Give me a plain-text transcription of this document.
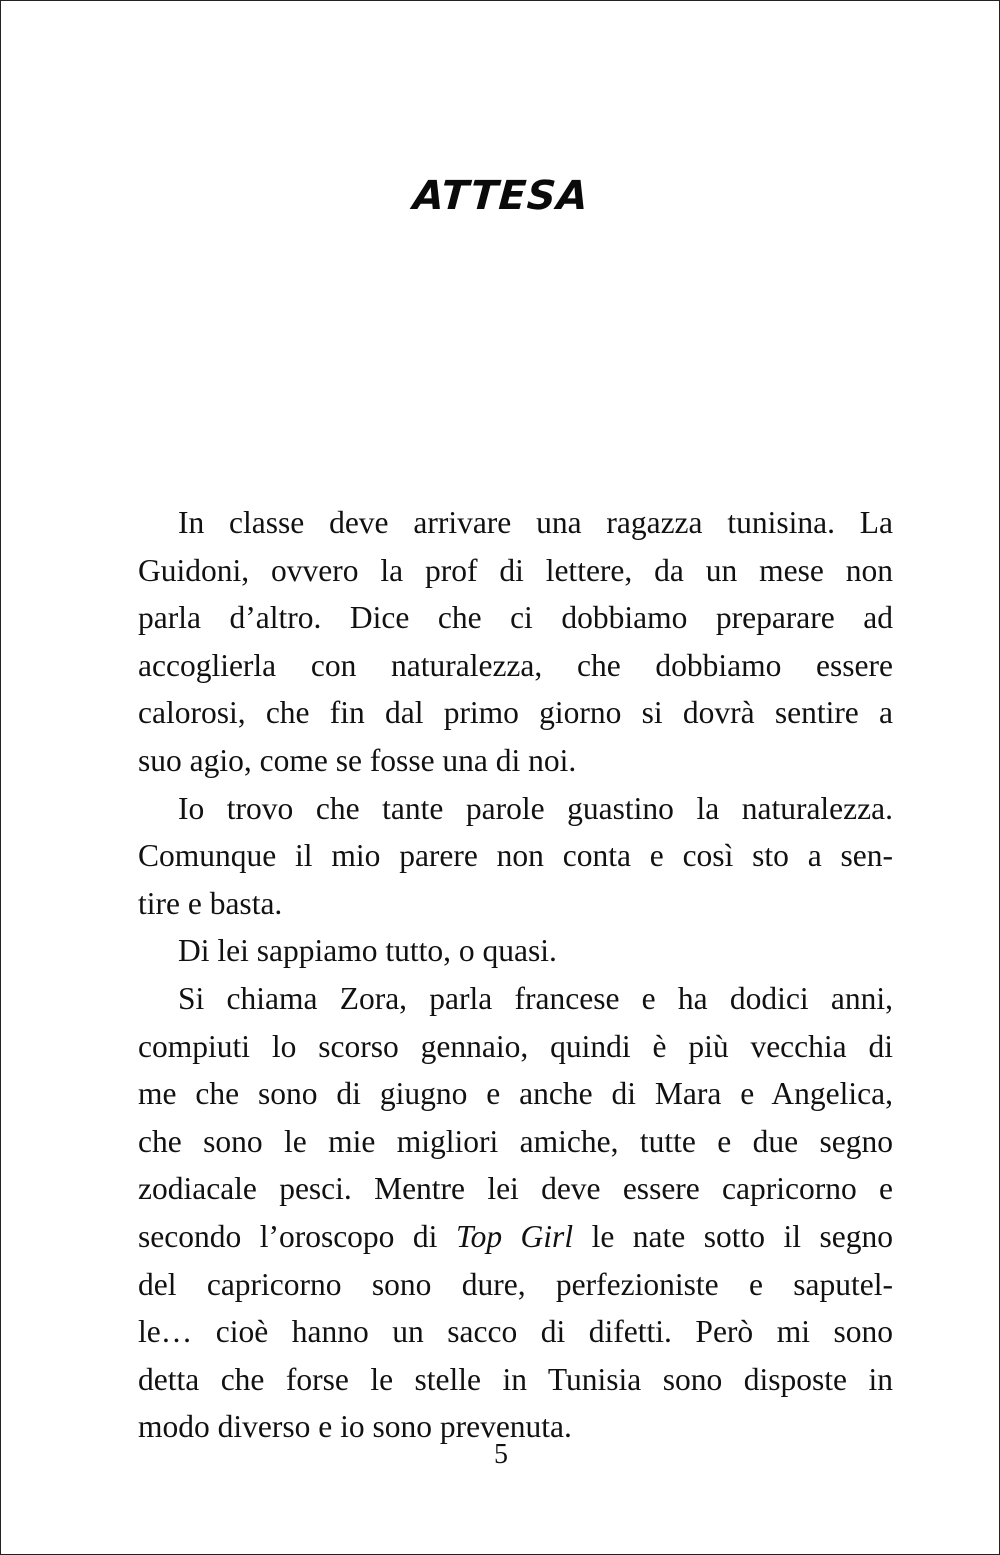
ATTESA
In classe deve arrivare una ragazza tunisina. La
Guidoni, ovvero la prof di lettere, da un mese non
parla d’altro. Dice che ci dobbiamo preparare ad
accoglierla con naturalezza, che dobbiamo essere
calorosi, che fin dal primo giorno si dovrà sentire a
suo agio, come se fosse una di noi.
Io trovo che tante parole guastino la naturalezza.
Comunque il mio parere non conta e così sto a sen-
tire e basta.
Di lei sappiamo tutto, o quasi.
Si chiama Zora, parla francese e ha dodici anni,
compiuti lo scorso gennaio, quindi è più vecchia di
me che sono di giugno e anche di Mara e Angelica,
che sono le mie migliori amiche, tutte e due segno
zodiacale pesci. Mentre lei deve essere capricorno e
secondo l’oroscopo di Top Girl le nate sotto il segno
del capricorno sono dure, perfezioniste e saputel-
le… cioè hanno un sacco di difetti. Però mi sono
detta che forse le stelle in Tunisia sono disposte in
modo diverso e io sono prevenuta.
5
